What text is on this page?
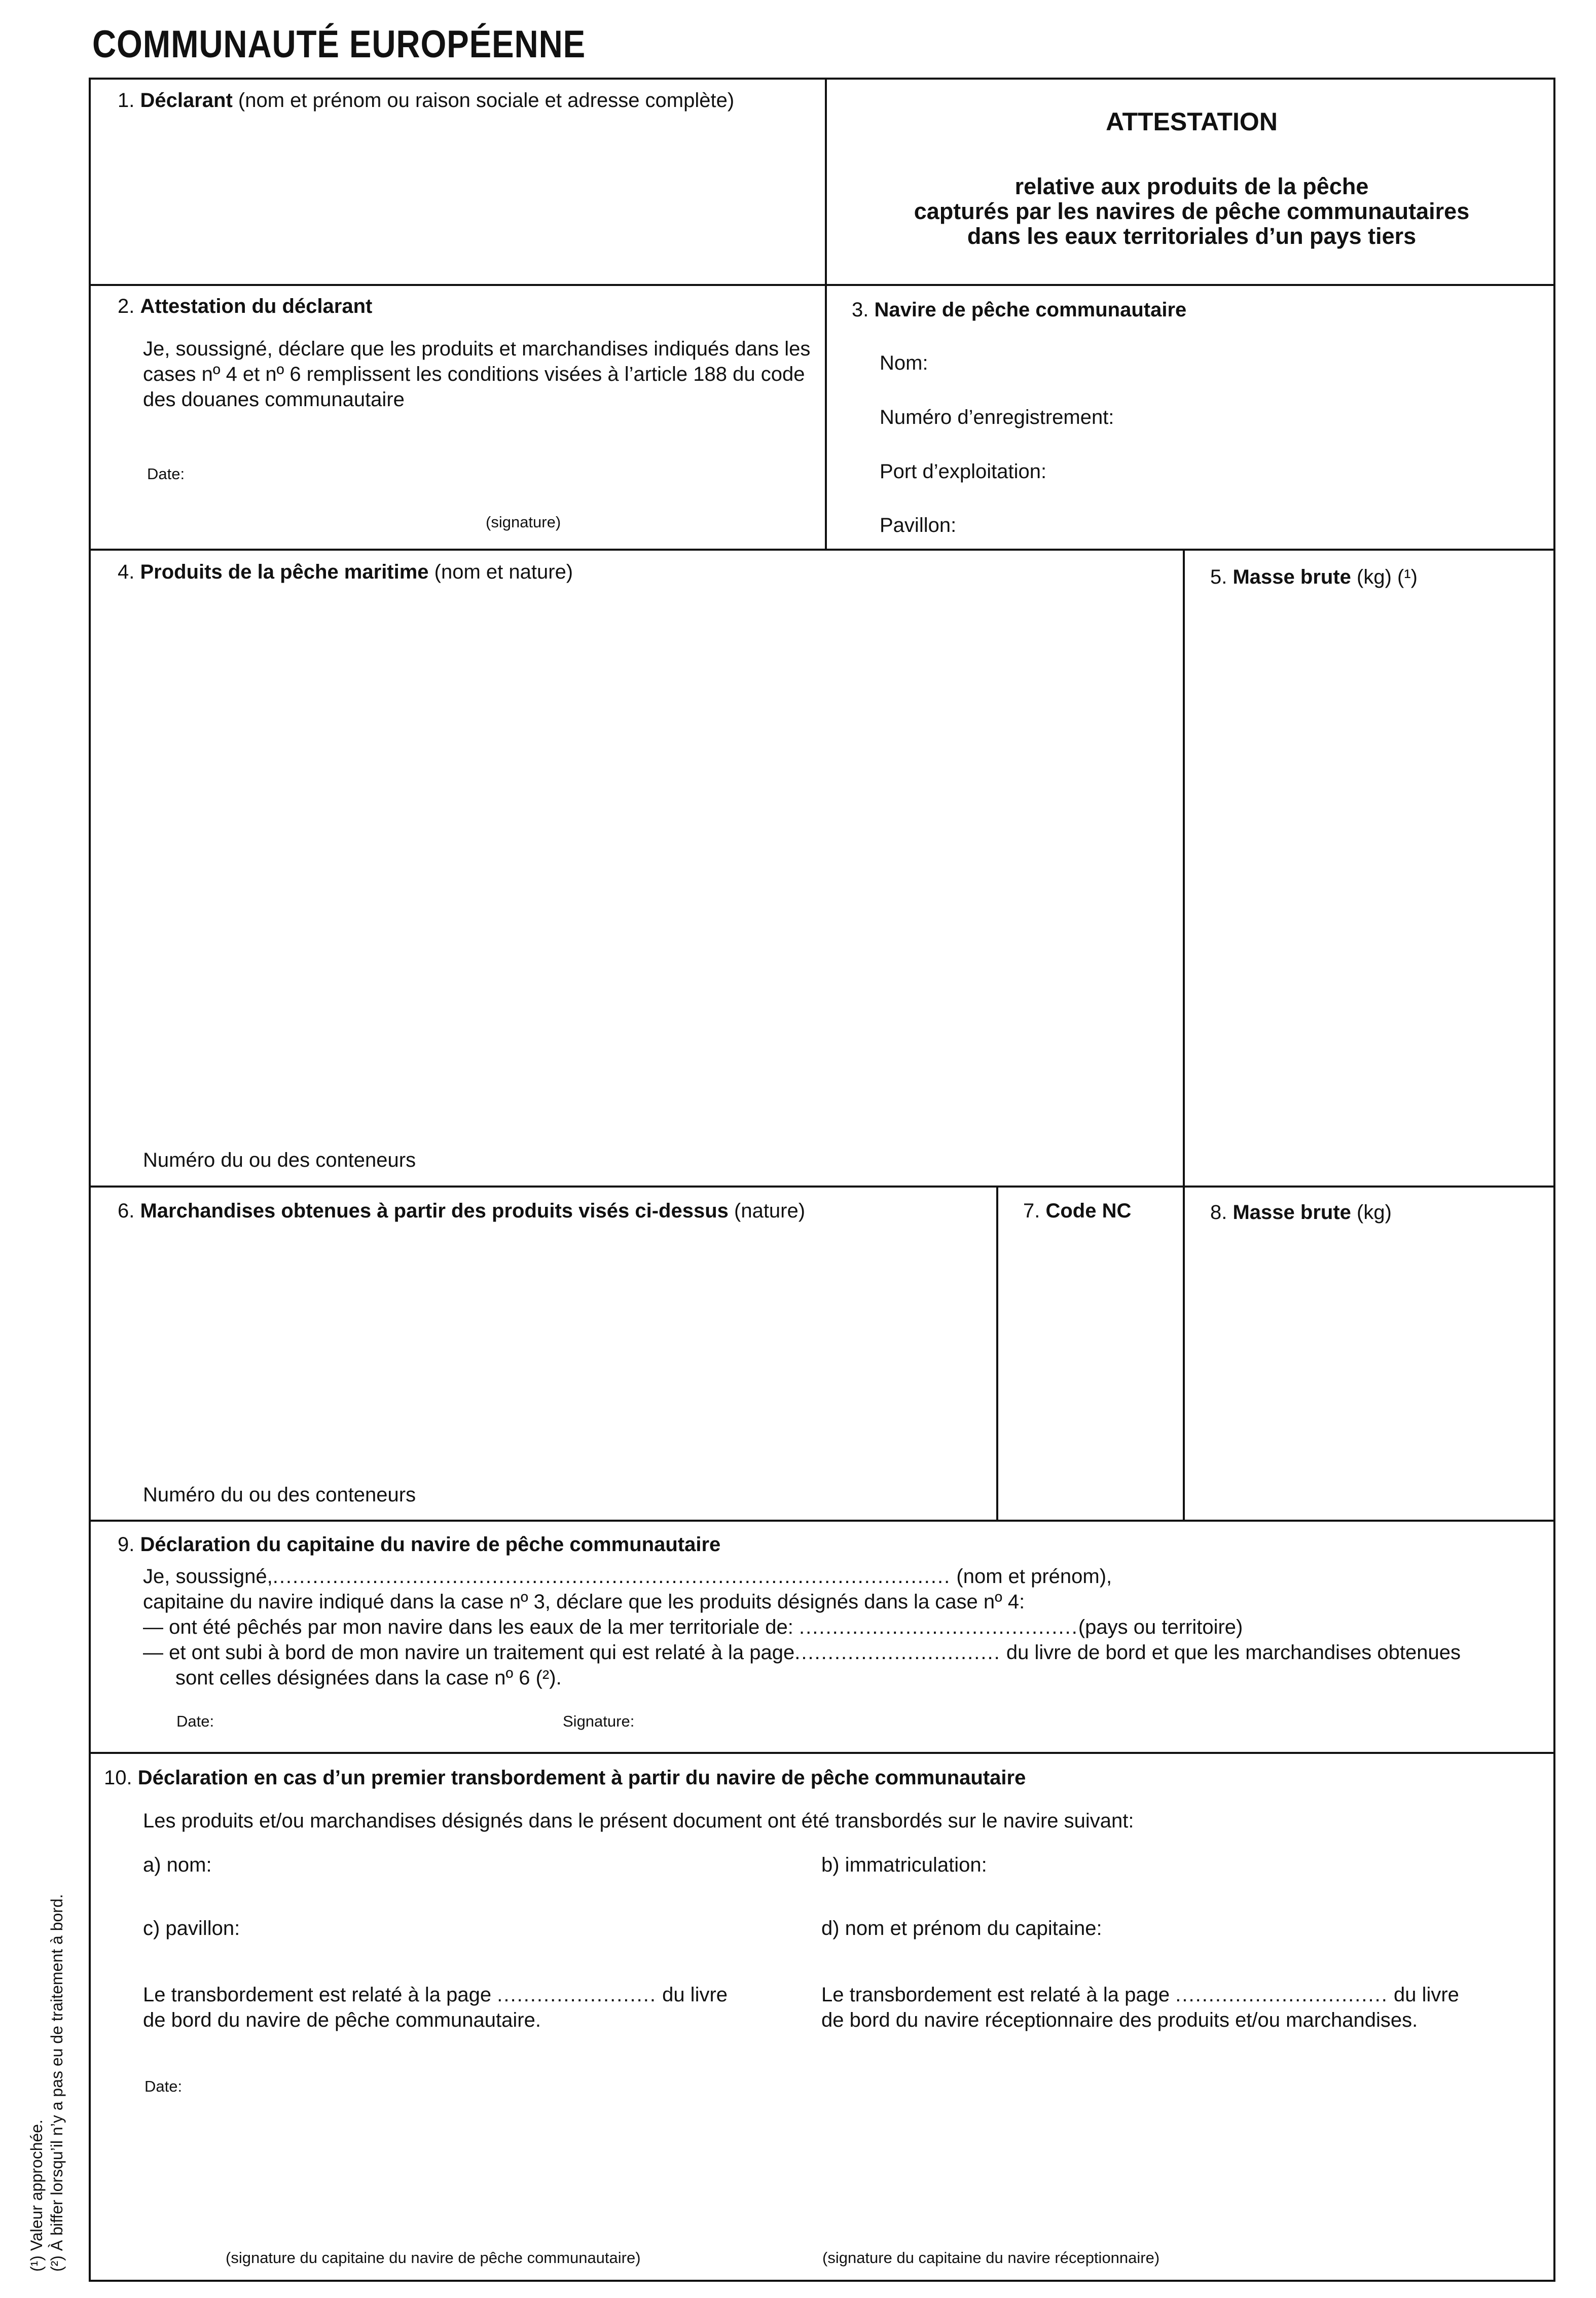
COMMUNAUTÉ EUROPÉENNE
1. Déclarant (nom et prénom ou raison sociale et adresse complète)
ATTESTATION
relative aux produits de la pêche
capturés par les navires de pêche communautaires
dans les eaux territoriales d’un pays tiers
2. Attestation du déclarant
Je, soussigné, déclare que les produits et marchandises indiqués dans les
cases nº 4 et nº 6 remplissent les conditions visées à l’article 188 du code
des douanes communautaire
Date:
(signature)
3. Navire de pêche communautaire
Nom:
Numéro d’enregistrement:
Port d’exploitation:
Pavillon:
4. Produits de la pêche maritime (nom et nature)
Numéro du ou des conteneurs
5. Masse brute (kg) (¹)
6. Marchandises obtenues à partir des produits visés ci-dessus (nature)
Numéro du ou des conteneurs
7. Code NC	8. Masse brute (kg)
9. Déclaration du capitaine du navire de pêche communautaire
Je, soussigné,...................................................................................................... (nom et prénom),
capitaine du navire indiqué dans la case nº 3, déclare que les produits désignés dans la case nº 4:
— ont été pêchés par mon navire dans les eaux de la mer territoriale de: ..........................................(pays ou territoire)
— et ont subi à bord de mon navire un traitement qui est relaté à la page............................... du livre de bord et que les marchandises obtenues
sont celles désignées dans la case nº 6 (²).
Date:	Signature:
10. Déclaration en cas d’un premier transbordement à partir du navire de pêche communautaire
Les produits et/ou marchandises désignés dans le présent document ont été transbordés sur le navire suivant:
a) nom:	b) immatriculation:
c) pavillon:	d) nom et prénom du capitaine:
Le transbordement est relaté à la page ........................ du livre
de bord du navire de pêche communautaire.
Le transbordement est relaté à la page ................................ du livre
de bord du navire réceptionnaire des produits et/ou marchandises.
Date:
(signature du capitaine du navire de pêche communautaire)	(signature du capitaine du navire réceptionnaire)
(¹) Valeur approchée. (²) À biffer lorsqu’il n’y a pas eu de traitement à bord.
